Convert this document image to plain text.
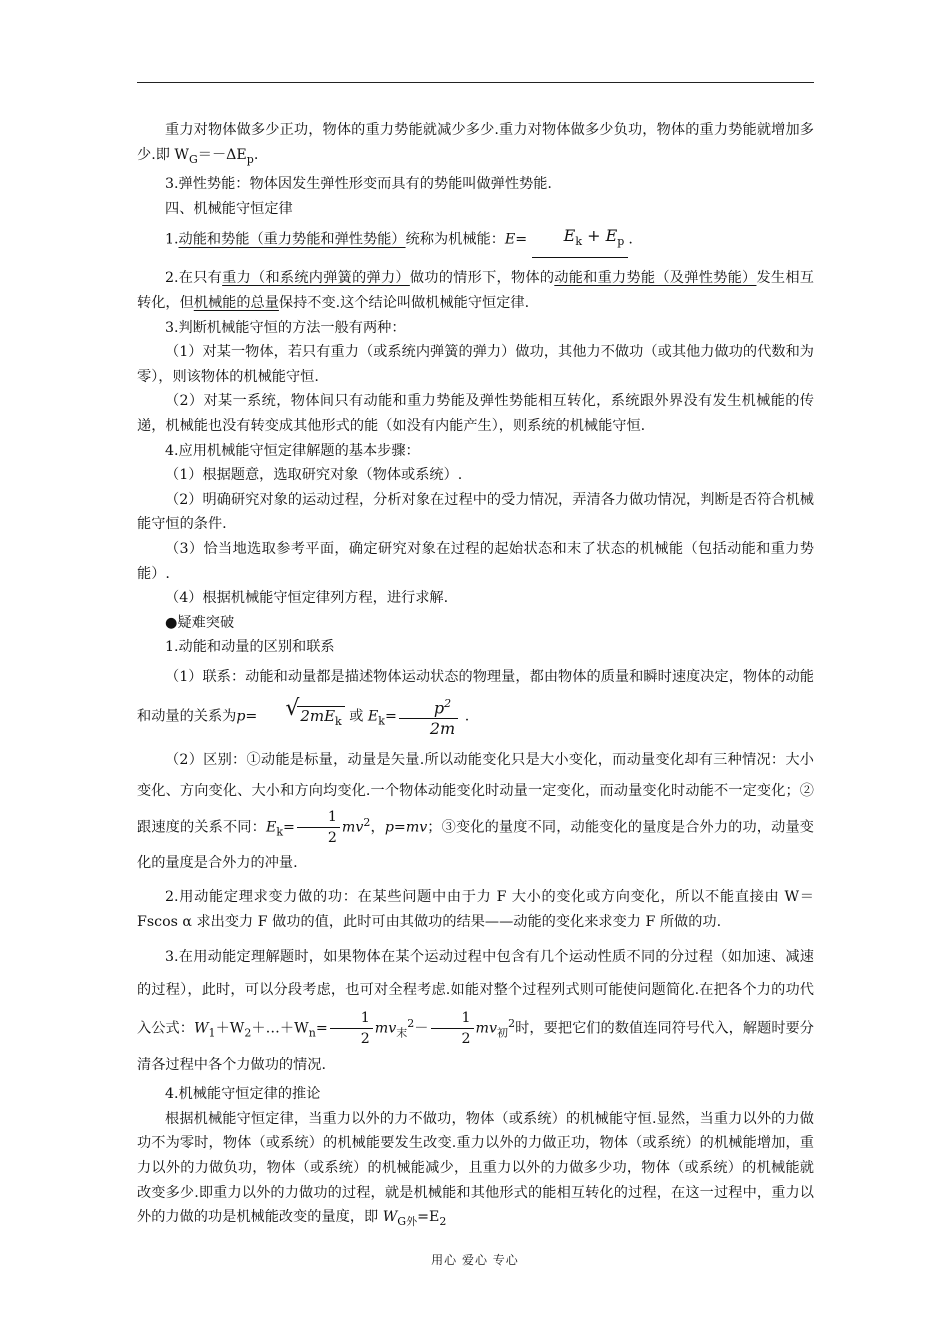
重力对物体做多少正功，物体的重力势能就减少多少.重力对物体做多少负功，物体的重力势能就增加多少.即 $W_G=-\Delta E_p$.

3.弹性势能：物体因发生弹性形变而具有的势能叫做弹性势能.

四、机械能守恒定律

1.动能和势能（重力势能和弹性势能）统称为机械能：$E= E_k + E_p$ .

2.在只有重力（和系统内弹簧的弹力）做功的情形下，物体的动能和重力势能（及弹性势能）发生相互转化，但机械能的总量保持不变.这个结论叫做机械能守恒定律.

3.判断机械能守恒的方法一般有两种：

（1）对某一物体，若只有重力（或系统内弹簧的弹力）做功，其他力不做功（或其他力做功的代数和为零），则该物体的机械能守恒.

（2）对某一系统，物体间只有动能和重力势能及弹性势能相互转化，系统跟外界没有发生机械能的传递，机械能也没有转变成其他形式的能（如没有内能产生），则系统的机械能守恒.

4.应用机械能守恒定律解题的基本步骤：

（1）根据题意，选取研究对象（物体或系统）.

（2）明确研究对象的运动过程，分析对象在过程中的受力情况，弄清各力做功情况，判断是否符合机械能守恒的条件.

（3）恰当地选取参考平面，确定研究对象在过程的起始状态和末了状态的机械能（包括动能和重力势能）.

（4）根据机械能守恒定律列方程，进行求解.

●疑难突破

1.动能和动量的区别和联系

（1）联系：动能和动量都是描述物体运动状态的物理量，都由物体的质量和瞬时速度决定，物体的动能和动量的关系为p=	√ $2mE_k$ 或 $E_k= \frac{p^2}{2m}$ .

（2）区别：①动能是标量，动量是矢量.所以动能变化只是大小变化，而动量变化却有三种情况：大小变化、方向变化、大小和方向均变化.一个物体动能变化时动量一定变化，而动量变化时动能不一定变化；②跟速度的关系不同：$E_k= \frac{1}{2} mv^2$，p=mv；③变化的量度不同，动能变化的量度是合外力的功，动量变化的量度是合外力的冲量.

2.用动能定理求变力做的功：在某些问题中由于力 F 大小的变化或方向变化，所以不能直接由 W＝Fscos α 求出变力 F 做功的值，此时可由其做功的结果——动能的变化来求变力 F 所做的功.

3.在用动能定理解题时，如果物体在某个运动过程中包含有几个运动性质不同的分过程（如加速、减速的过程），此时，可以分段考虑，也可对全程考虑.如能对整个过程列式则可能使问题简化.在把各个力的功代入公式：$W_1+W_2+\dots+W_n= \frac{1}{2} mv_末^2- \frac{1}{2} mv_初^2$时，要把它们的数值连同符号代入，解题时要分清各过程中各个力做功的情况.

4.机械能守恒定律的推论

根据机械能守恒定律，当重力以外的力不做功，物体（或系统）的机械能守恒.显然，当重力以外的力做功不为零时，物体（或系统）的机械能要发生改变.重力以外的力做正功，物体（或系统）的机械能增加，重力以外的力做负功，物体（或系统）的机械能减少，且重力以外的力做多少功，物体（或系统）的机械能就改变多少.即重力以外的力做功的过程，就是机械能和其他形式的能相互转化的过程，在这一过程中，重力以外的力做的功是机械能改变的量度，即 $W_{G外}=E_2$

用心 爱心 专心
